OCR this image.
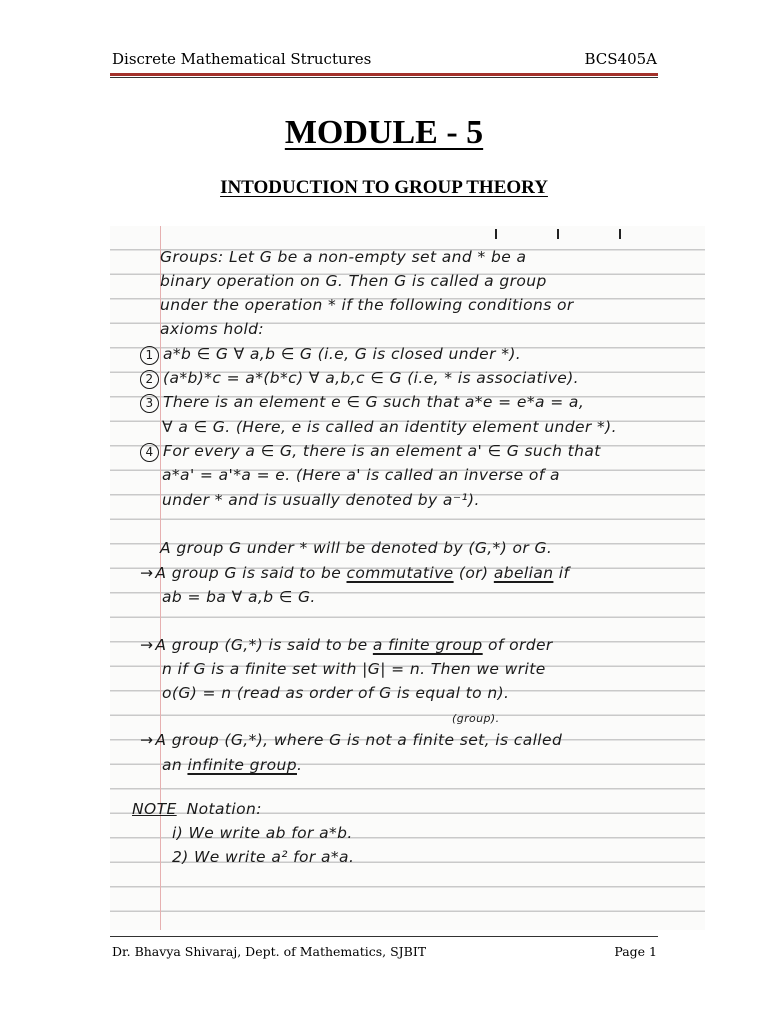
Discrete Mathematical Structures	BCS405A
MODULE - 5
INTODUCTION TO GROUP THEORY
Groups: Let G be a non-empty set and * be a
binary operation on G. Then G is called a group
under the operation * if the following conditions or
axioms hold:
1 a*b ∈ G ∀ a,b ∈ G (i.e, G is closed under *).
2 (a*b)*c = a*(b*c) ∀ a,b,c ∈ G (i.e, * is associative).
3 There is an element e ∈ G such that a*e = e*a = a,
∀ a ∈ G. (Here, e is called an identity element under *).
4 For every a ∈ G, there is an element a' ∈ G such that
a*a' = a'*a = e. (Here a' is called an inverse of a
under * and is usually denoted by a⁻¹).
A group G under * will be denoted by (G,*) or G.
→ A group G is said to be commutative (or) abelian if
ab = ba ∀ a,b ∈ G.
→ A group (G,*) is said to be a finite group of order
n if G is a finite set with |G| = n. Then we write
o(G) = n (read as order of G is equal to n).
(group).
→ A group (G,*), where G is not a finite set, is called
an infinite group.
NOTE Notation:
i) We write ab for a*b.
2) We write a² for a*a.
Dr. Bhavya Shivaraj, Dept. of Mathematics, SJBIT	Page 1
